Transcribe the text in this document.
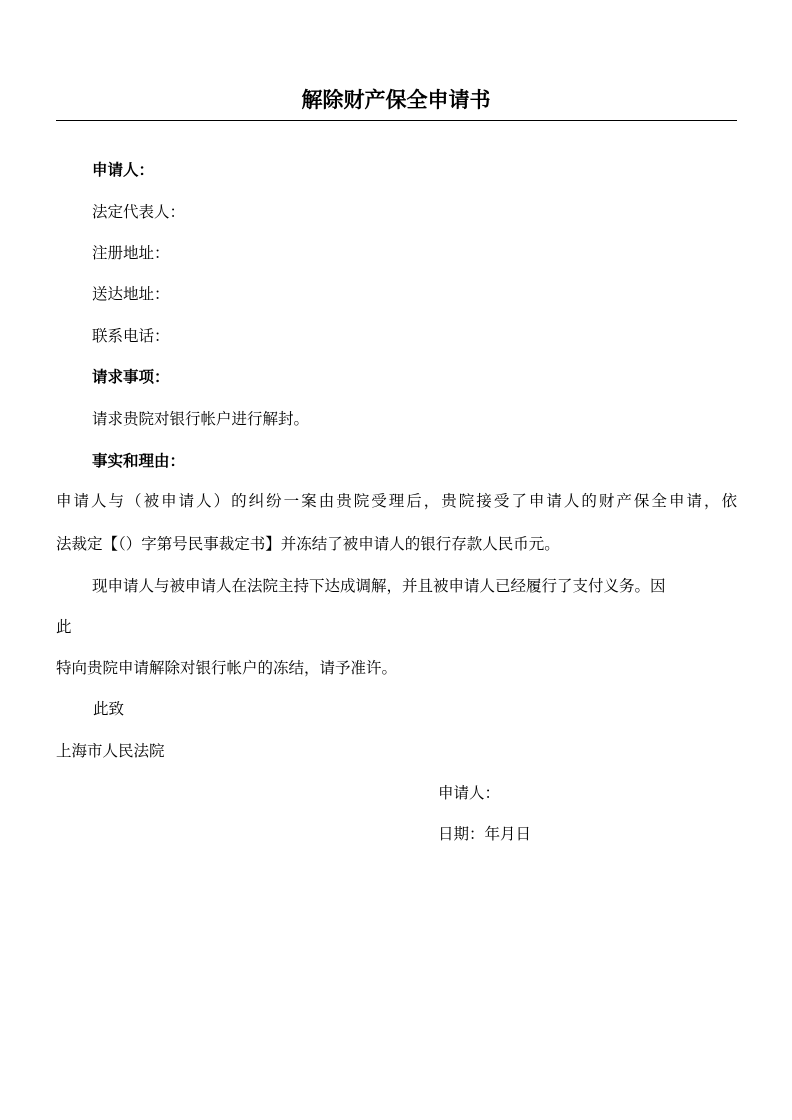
解除财产保全申请书
申请人：
法定代表人：
注册地址：
送达地址：
联系电话：
请求事项：
请求贵院对银行帐户进行解封。
事实和理由：
申请人与（被申请人）的纠纷一案由贵院受理后，贵院接受了申请人的财产保全申请，依
法裁定【（）字第号民事裁定书】并冻结了被申请人的银行存款人民币元。
现申请人与被申请人在法院主持下达成调解，并且被申请人已经履行了支付义务。因
此
特向贵院申请解除对银行帐户的冻结，请予准许。
此致
上海市人民法院
申请人：
日期：年月日
